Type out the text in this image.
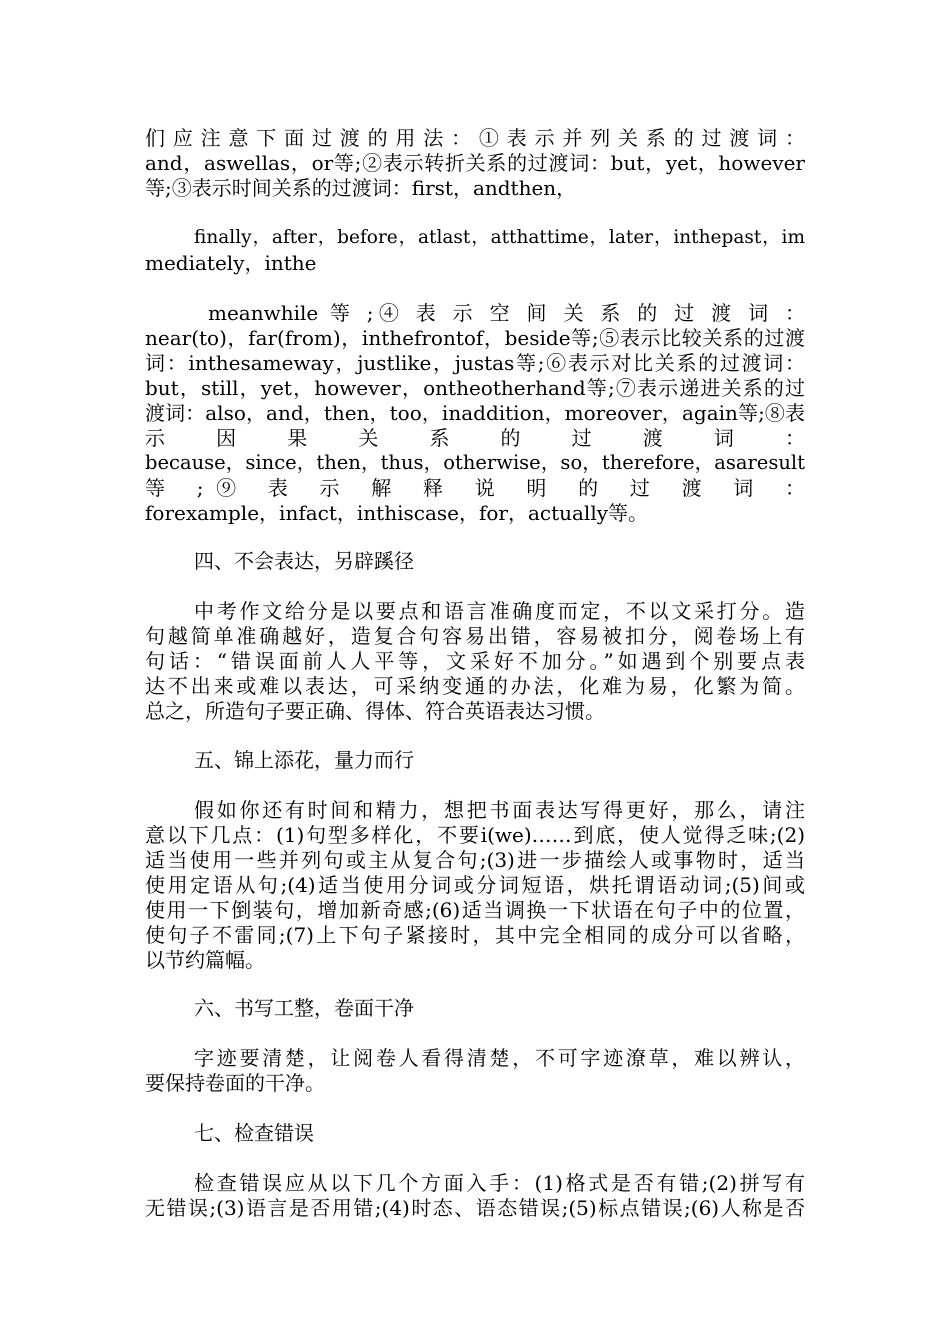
们应注意下面过渡的用法：①表示并列关系的过渡词：
and，aswellas，or等;②表示转折关系的过渡词：but，yet，however
等;③表示时间关系的过渡词：first，andthen，
finally，after，before，atlast，atthattime，later，inthepast，im
mediately，inthe
meanwhile 等 ;④ 表 示 空 间 关 系 的 过 渡 词 ：
near(to)，far(from)，inthefrontof，beside等;⑤表示比较关系的过渡
词：inthesameway，justlike，justas等;⑥表示对比关系的过渡词：
but，still，yet，however，ontheotherhand等;⑦表示递进关系的过
渡词：also，and，then，too，inaddition，moreover，again等;⑧表
示 因 果 关 系 的 过 渡 词 ：
because，since，then，thus，otherwise，so，therefore，asaresult
等 ;⑨ 表 示 解 释 说 明 的 过 渡 词 ：
forexample，infact，inthiscase，for，actually等。
四、不会表达，另辟蹊径
中考作文给分是以要点和语言准确度而定，不以文采打分。造
句越简单准确越好，造复合句容易出错，容易被扣分，阅卷场上有
句话：“错误面前人人平等，文采好不加分。”如遇到个别要点表
达不出来或难以表达，可采纳变通的办法，化难为易，化繁为简。
总之，所造句子要正确、得体、符合英语表达习惯。
五、锦上添花，量力而行
假如你还有时间和精力，想把书面表达写得更好，那么，请注
意以下几点：(1)句型多样化，不要i(we)……到底，使人觉得乏味;(2)
适当使用一些并列句或主从复合句;(3)进一步描绘人或事物时，适当
使用定语从句;(4)适当使用分词或分词短语，烘托谓语动词;(5)间或
使用一下倒装句，增加新奇感;(6)适当调换一下状语在句子中的位置，
使句子不雷同;(7)上下句子紧接时，其中完全相同的成分可以省略，
以节约篇幅。
六、书写工整，卷面干净
字迹要清楚，让阅卷人看得清楚，不可字迹潦草，难以辨认，
要保持卷面的干净。
七、检查错误
检查错误应从以下几个方面入手：(1)格式是否有错;(2)拼写有
无错误;(3)语言是否用错;(4)时态、语态错误;(5)标点错误;(6)人称是否
